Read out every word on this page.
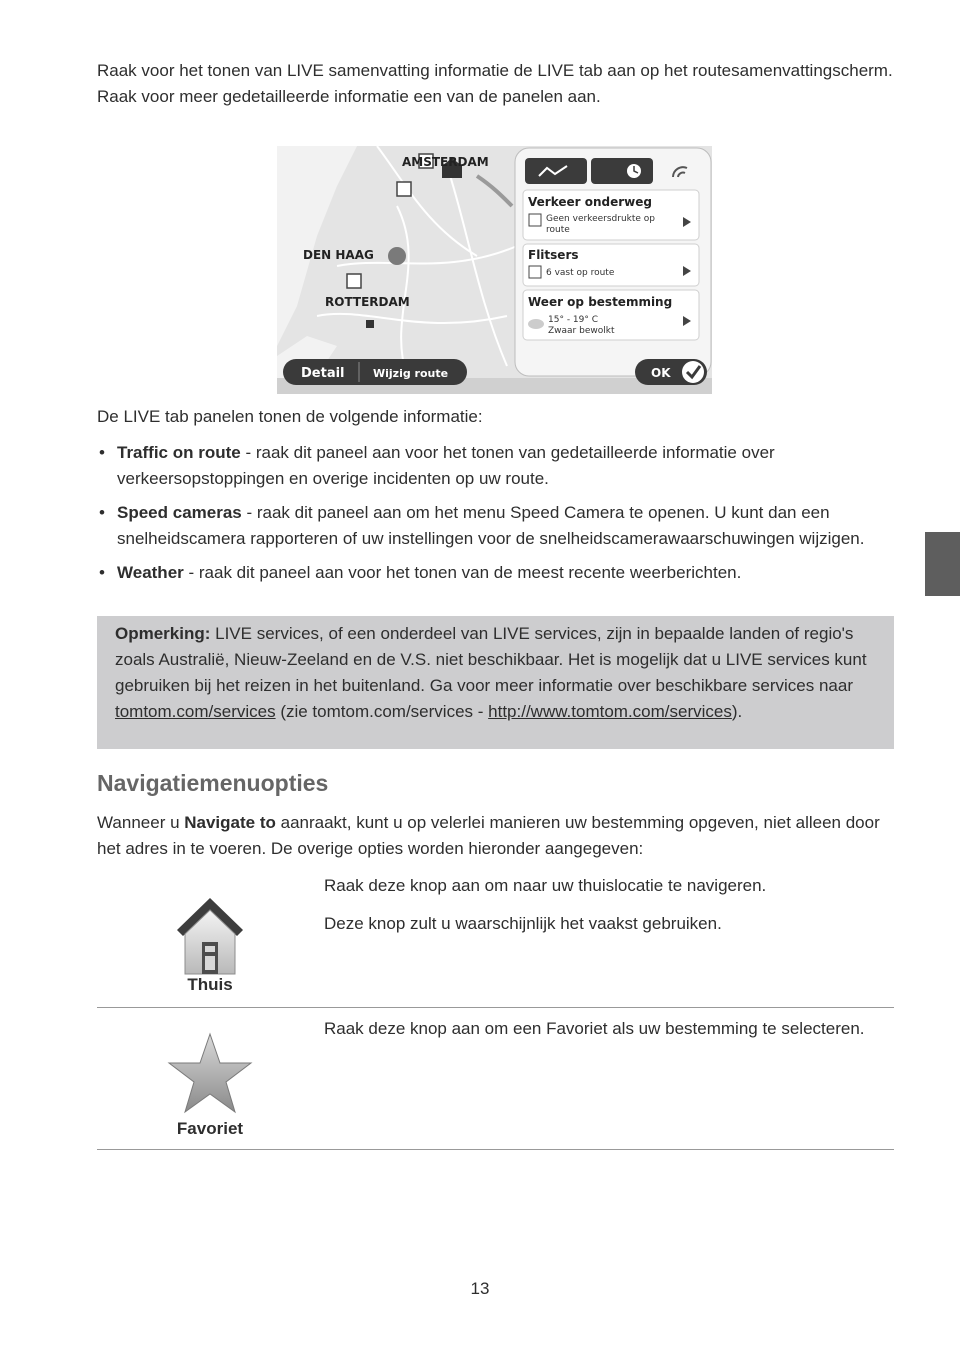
Raak voor het tonen van LIVE samenvatting informatie de LIVE tab aan op het routesamenvattingscherm. Raak voor meer gedetailleerde informatie een van de panelen aan.

AMSTERDAM
DEN HAAG
ROTTERDAM
Verkeer onderweg
Geen verkeersdrukte op
route
Flitsers
6 vast op route
Weer op bestemming
15° - 19° C
Zwaar bewolkt
Detail	Wijzig route	OK

De LIVE tab panelen tonen de volgende informatie:

• Traffic on route - raak dit paneel aan voor het tonen van gedetailleerde informatie over verkeersopstoppingen en overige incidenten op uw route.
• Speed cameras - raak dit paneel aan om het menu Speed Camera te openen. U kunt dan een snelheidscamera rapporteren of uw instellingen voor de snelheidscamerawaarschuwingen wijzigen.
• Weather - raak dit paneel aan voor het tonen van de meest recente weerberichten.
Opmerking: LIVE services, of een onderdeel van LIVE services, zijn in bepaalde landen of regio's zoals Australië, Nieuw-Zeeland en de V.S. niet beschikbaar. Het is mogelijk dat u LIVE services kunt gebruiken bij het reizen in het buitenland. Ga voor meer informatie over beschikbare services naar tomtom.com/services (zie tomtom.com/services - http://www.tomtom.com/services).
Navigatiemenuopties

Wanneer u Navigate to aanraakt, kunt u op velerlei manieren uw bestemming opgeven, niet alleen door het adres in te voeren. De overige opties worden hieronder aangegeven:

Thuis

Raak deze knop aan om naar uw thuislocatie te navigeren.

Deze knop zult u waarschijnlijk het vaakst gebruiken.

Favoriet

Raak deze knop aan om een Favoriet als uw bestemming te selecteren.

13
